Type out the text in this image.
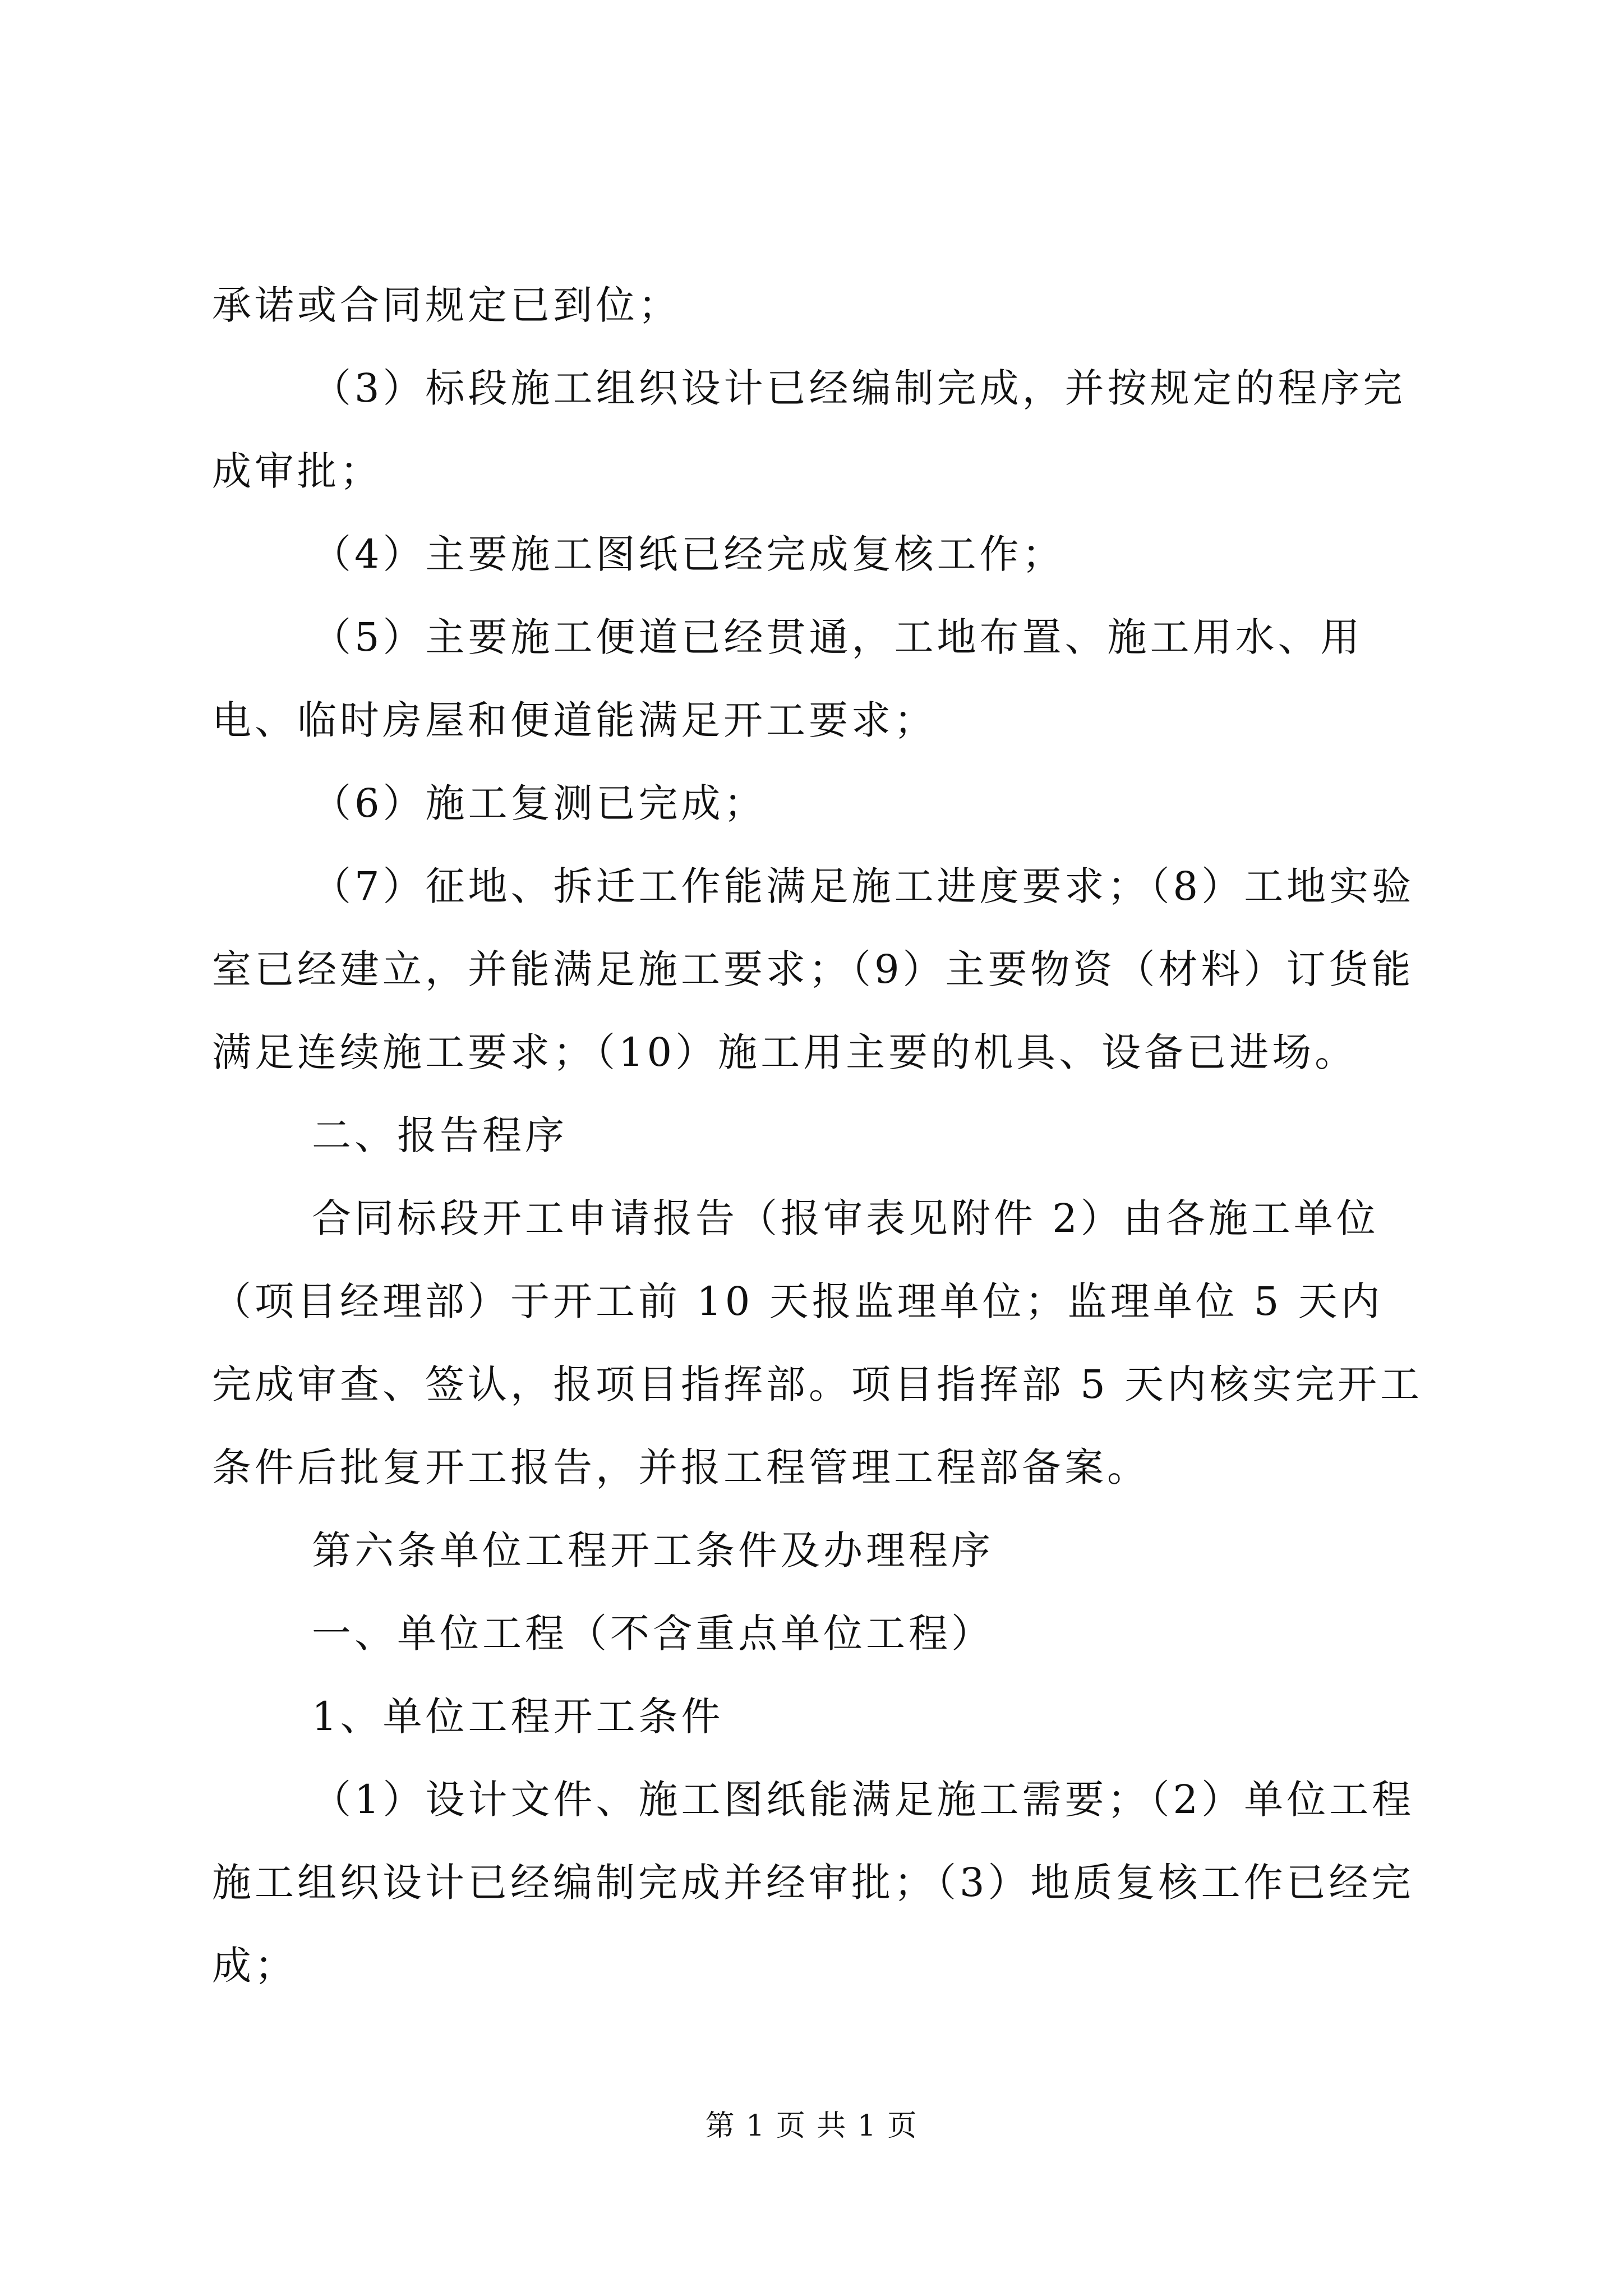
承诺或合同规定已到位；

（3）标段施工组织设计已经编制完成，并按规定的程序完成审批；

（4）主要施工图纸已经完成复核工作；

（5）主要施工便道已经贯通，工地布置、施工用水、用电、临时房屋和便道能满足开工要求；

（6）施工复测已完成；

（7）征地、拆迁工作能满足施工进度要求；（8）工地实验室已经建立，并能满足施工要求；（9）主要物资（材料）订货能满足连续施工要求；（10）施工用主要的机具、设备已进场。

二、报告程序

合同标段开工申请报告（报审表见附件 2）由各施工单位（项目经理部）于开工前 10 天报监理单位；监理单位 5 天内完成审查、签认，报项目指挥部。项目指挥部 5 天内核实完开工条件后批复开工报告，并报工程管理工程部备案。

第六条单位工程开工条件及办理程序

一、单位工程（不含重点单位工程）

1、单位工程开工条件

（1）设计文件、施工图纸能满足施工需要；（2）单位工程施工组织设计已经编制完成并经审批；（3）地质复核工作已经完成；

第 1 页 共 1 页
